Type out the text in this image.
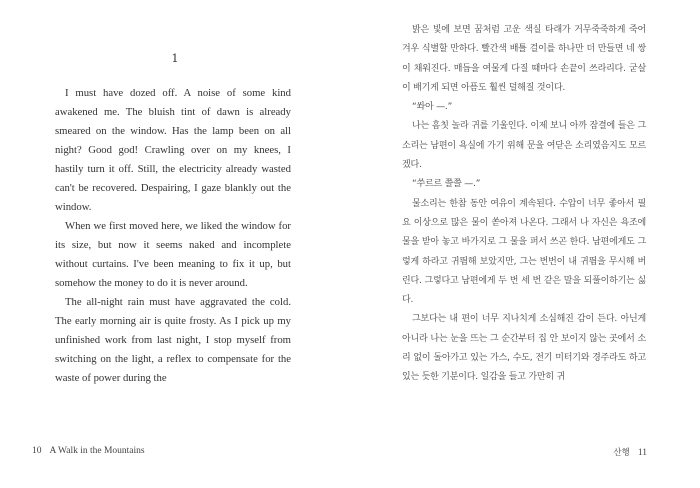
1

I must have dozed off. A noise of some kind awakened me. The bluish tint of dawn is already smeared on the window. Has the lamp been on all night? Good god! Crawling over on my knees, I hastily turn it off. Still, the electricity already wasted can't be recovered. Despairing, I gaze blankly out the window.

When we first moved here, we liked the window for its size, but now it seems naked and incomplete without curtains. I've been meaning to fix it up, but somehow the money to do it is never around.

The all-night rain must have aggravated the cold. The early morning air is quite frosty. As I pick up my unfinished work from last night, I stop myself from switching on the light, a reflex to compensate for the waste of power during the

10 A Walk in the Mountains

밝은 빛에 보면 꿈처럼 고운 색실 타래가 거무죽죽하게 죽어 겨우 식별할 만하다. 빨간색 배틀 걸이를 하나만 더 만들면 네 쌍이 채워진다. 매듭을 여물게 다질 때마다 손끝이 쓰라리다. 굳살이 배기게 되면 아픔도 훨씬 덜해질 것이다.

“쏴아 —.”

나는 흠칫 놀라 귀를 기울인다. 이제 보니 아까 잠결에 들은 그 소리는 남편이 욕실에 가기 위해 문을 여닫은 소리였음지도 모르겠다.

“쑤르르 쯜쯜 —.”

물소리는 한참 동안 여유이 계속된다. 수압이 너무 좋아서 필요 이상으로 많은 물이 쏟아져 나온다. 그래서 나 자신은 욕조에 물을 받아 놓고 바가지로 그 물을 퍼서 쓰곤 한다. 남편에게도 그렇게 하라고 귀띔해 보았지만, 그는 번번이 내 귀띔을 무시해 버린다. 그렇다고 남편에게 두 번 세 번 같은 말을 되풀이하기는 싫다.

그보다는 내 편이 너무 지나치게 소심해진 감이 든다. 아닌게 아니라 나는 눈을 뜨는 그 순간부터 집 안 보이지 않는 곳에서 소리 없이 돌아가고 있는 가스, 수도, 전기 미터기와 경주라도 하고 있는 듯한 기분이다. 일감을 들고 가만히 귀

산행 11
